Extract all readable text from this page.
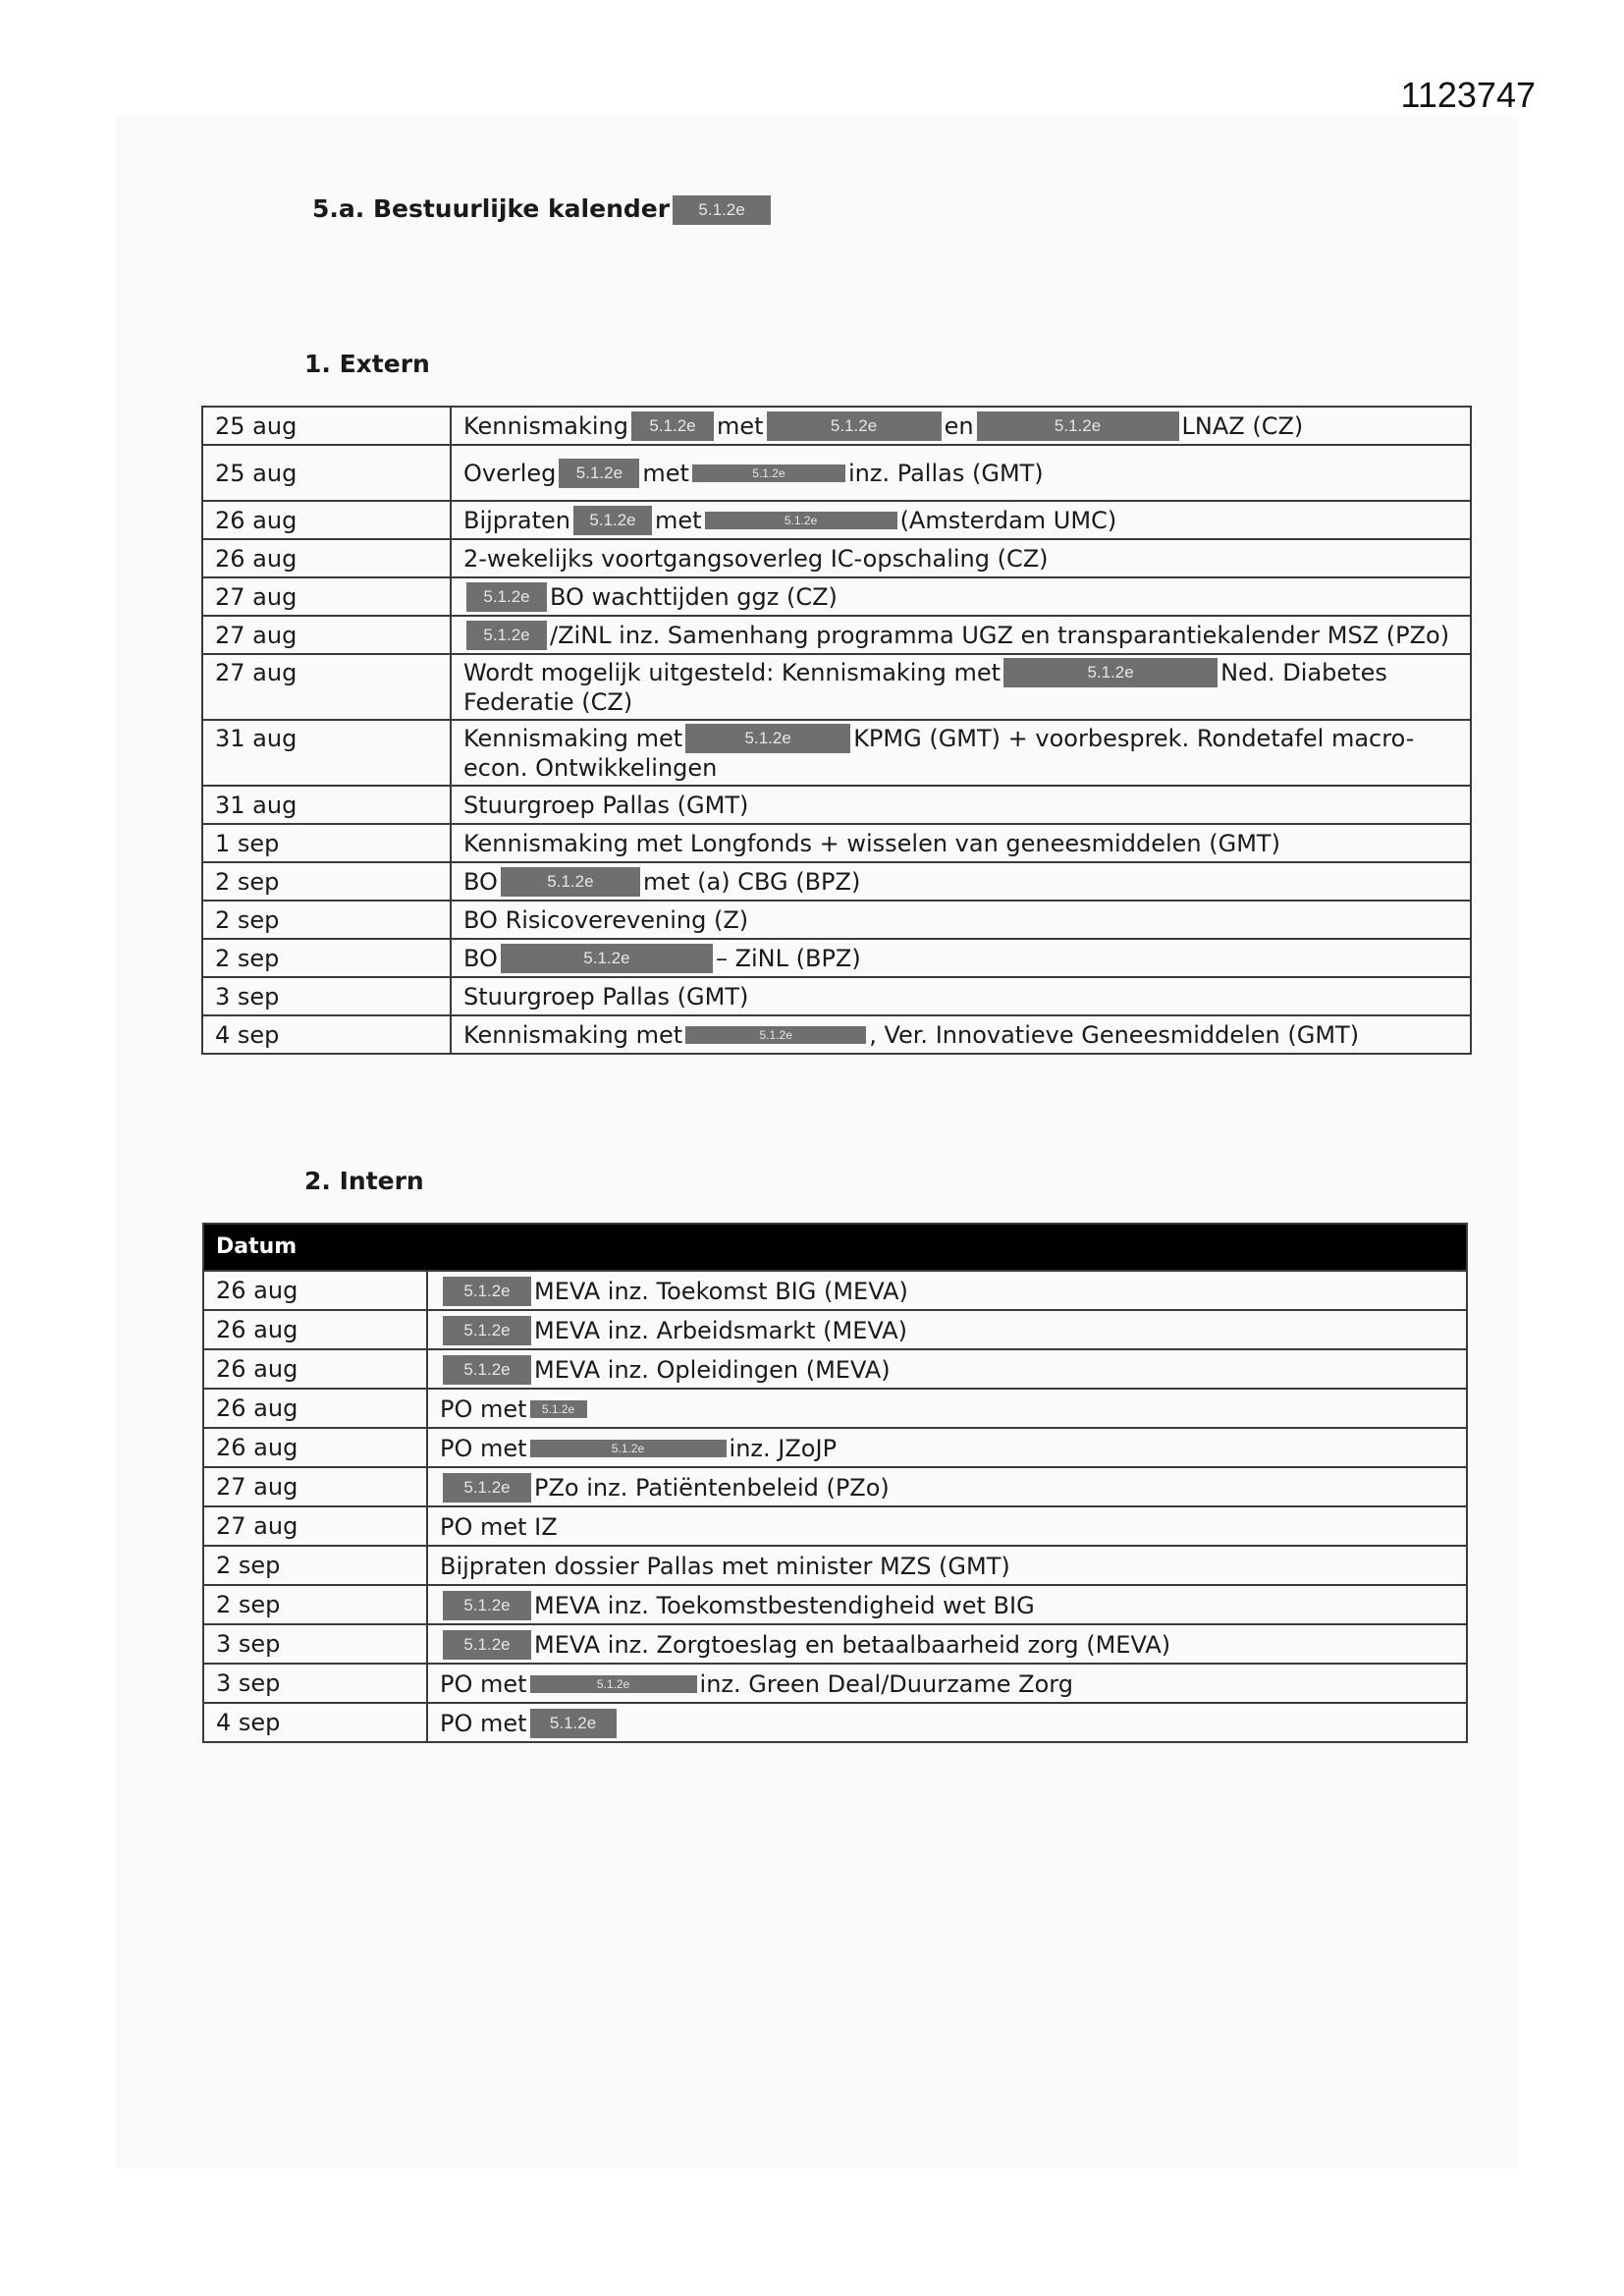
1123747
5.a. Bestuurlijke kalender 5.1.2e
1. Extern
25 aug	Kennismaking 5.1.2e met 5.1.2e en 5.1.2e LNAZ (CZ)
25 aug	Overleg 5.1.2e met 5.1.2e inz. Pallas (GMT)
26 aug	Bijpraten 5.1.2e met 5.1.2e (Amsterdam UMC)
26 aug	2-wekelijks voortgangsoverleg IC-opschaling (CZ)
27 aug	5.1.2e BO wachttijden ggz (CZ)
27 aug	5.1.2e /ZiNL inz. Samenhang programma UGZ en transparantiekalender MSZ (PZo)
27 aug	Wordt mogelijk uitgesteld: Kennismaking met 5.1.2e Ned. Diabetes Federatie (CZ)
31 aug	Kennismaking met 5.1.2e KPMG (GMT) + voorbesprek. Rondetafel macro-econ. Ontwikkelingen
31 aug	Stuurgroep Pallas (GMT)
1 sep	Kennismaking met Longfonds + wisselen van geneesmiddelen (GMT)
2 sep	BO 5.1.2e met (a) CBG (BPZ)
2 sep	BO Risicoverevening (Z)
2 sep	BO 5.1.2e – ZiNL (BPZ)
3 sep	Stuurgroep Pallas (GMT)
4 sep	Kennismaking met 5.1.2e , Ver. Innovatieve Geneesmiddelen (GMT)
2. Intern
Datum	
26 aug	5.1.2e MEVA inz. Toekomst BIG (MEVA)
26 aug	5.1.2e MEVA inz. Arbeidsmarkt (MEVA)
26 aug	5.1.2e MEVA inz. Opleidingen (MEVA)
26 aug	PO met 5.1.2e
26 aug	PO met 5.1.2e inz. JZoJP
27 aug	5.1.2e PZo inz. Patiëntenbeleid (PZo)
27 aug	PO met IZ
2 sep	Bijpraten dossier Pallas met minister MZS (GMT)
2 sep	5.1.2e MEVA inz. Toekomstbestendigheid wet BIG
3 sep	5.1.2e MEVA inz. Zorgtoeslag en betaalbaarheid zorg (MEVA)
3 sep	PO met 5.1.2e inz. Green Deal/Duurzame Zorg
4 sep	PO met 5.1.2e
